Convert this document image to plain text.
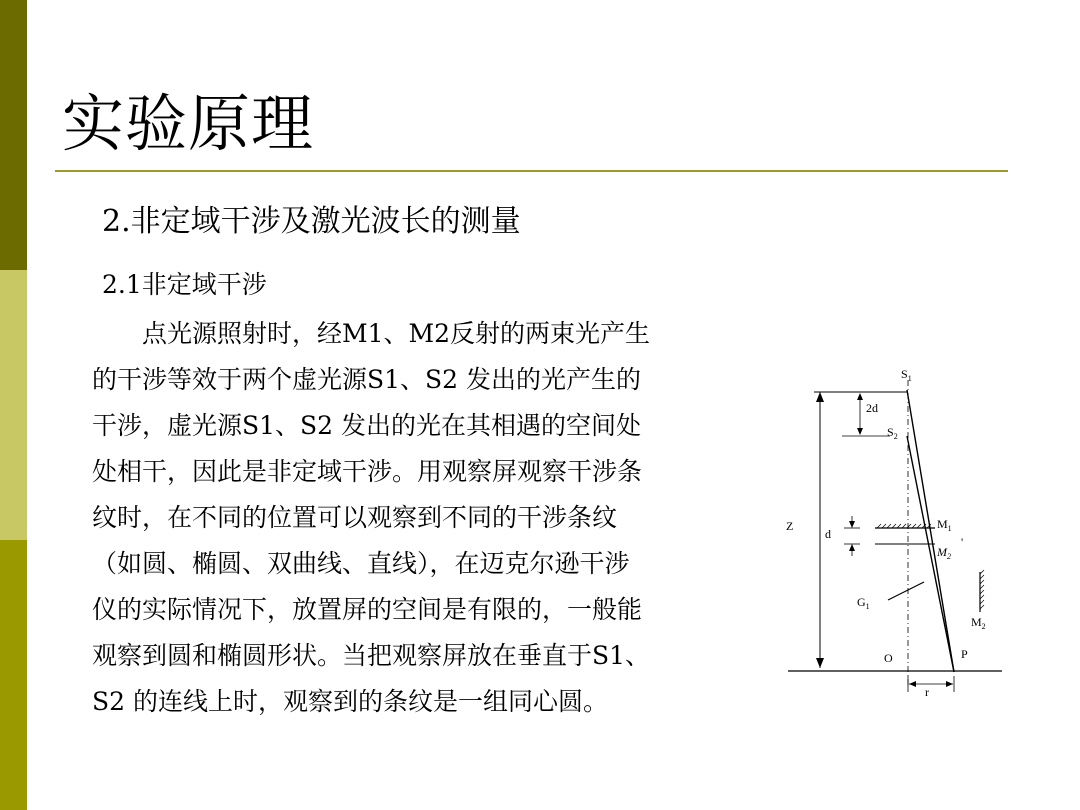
实验原理
2.非定域干涉及激光波长的测量
2.1非定域干涉
　　点光源照射时，经M1、M2反射的两束光产生
的干涉等效于两个虚光源S1、S2 发出的光产生的
干涉，虚光源S1、S2 发出的光在其相遇的空间处
处相干，因此是非定域干涉。用观察屏观察干涉条
纹时，在不同的位置可以观察到不同的干涉条纹
（如圆、椭圆、双曲线、直线），在迈克尔逊干涉
仪的实际情况下，放置屏的空间是有限的，一般能
观察到圆和椭圆形状。当把观察屏放在垂直于S1、
S2 的连线上时，观察到的条纹是一组同心圆。
$S_1$
2d
$S_2$
Z
d
$M_1$
$M_2$
'
$G_1$
$M_2$
O	P
r
